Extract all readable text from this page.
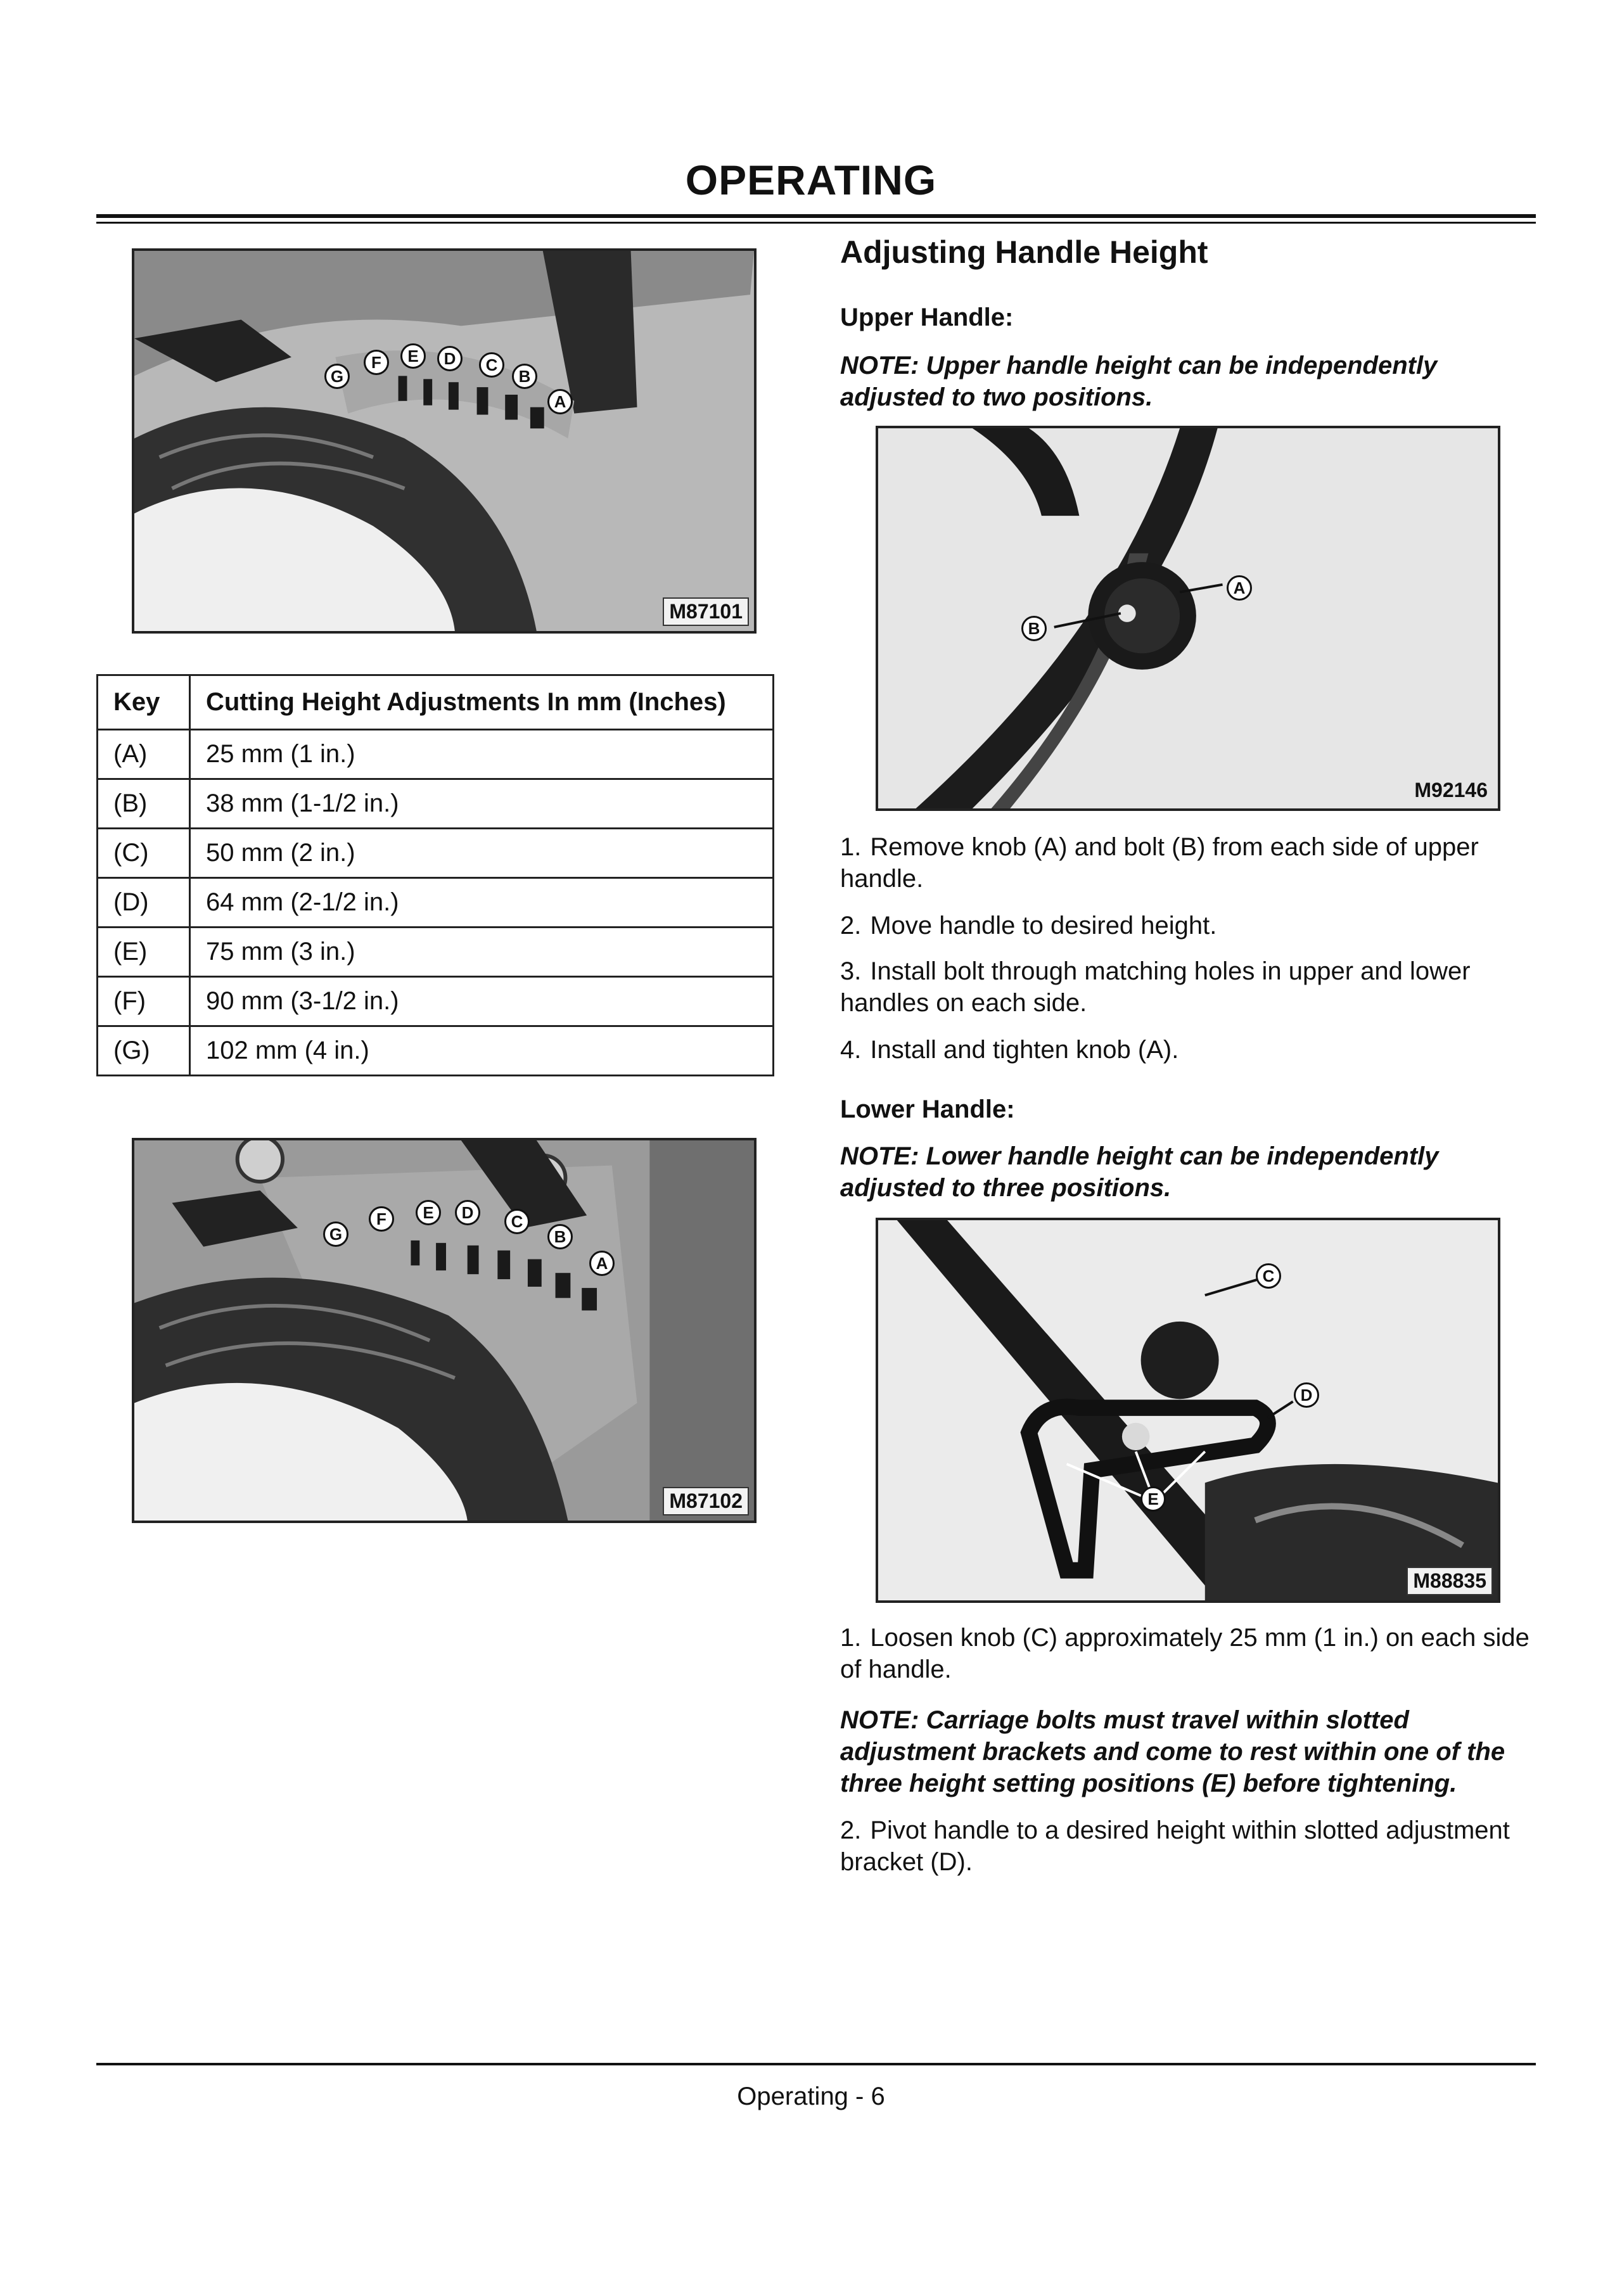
OPERATING
G
F	E	D	C
B
A
M87101
Key	Cutting Height Adjustments In mm (Inches)
(A)	25 mm (1 in.)
(B)	38 mm (1-1/2 in.)
(C)	50 mm (2 in.)
(D)	64 mm (2-1/2 in.)
(E)	75 mm (3 in.)
(F)	90 mm (3-1/2 in.)
(G)	102 mm (4 in.)
G
F	E	D	C
B
A
M87102
Adjusting Handle Height
Upper Handle:
NOTE: Upper handle height can be independently adjusted to two positions.
A
B
M92146
1. Remove knob (A) and bolt (B) from each side of upper handle.
2. Move handle to desired height.
3. Install bolt through matching holes in upper and lower handles on each side.
4. Install and tighten knob (A).
Lower Handle:
NOTE: Lower handle height can be independently adjusted to three positions.
C
D
E
M88835
1. Loosen knob (C) approximately 25 mm (1 in.) on each side of handle.
NOTE: Carriage bolts must travel within slotted adjustment brackets and come to rest within one of the three height setting positions (E) before tightening.
2. Pivot handle to a desired height within slotted adjustment bracket (D).
Operating - 6
